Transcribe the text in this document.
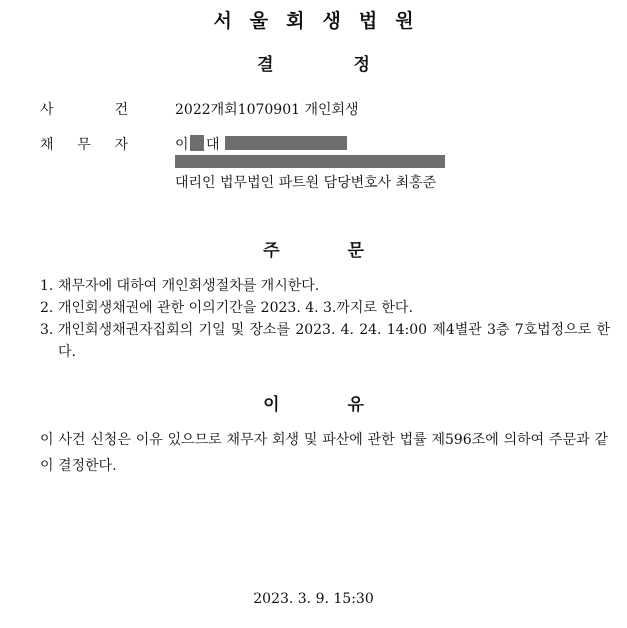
서울회생법원
결정
사	건	2022개회1070901 개인회생
채 무 자	이 대
대리인 법무법인 파트원 담당변호사 최홍준
주문
1. 채무자에 대하여 개인회생절차를 개시한다.
2. 개인회생채권에 관한 이의기간을 2023. 4. 3.까지로 한다.
3. 개인회생채권자집회의 기일 및 장소를 2023. 4. 24. 14:00 제4별관 3층 7호법정으로 한다.
이유
이 사건 신청은 이유 있으므로 채무자 회생 및 파산에 관한 법률 제596조에 의하여 주문과 같이 결정한다.
2023. 3. 9. 15:30
